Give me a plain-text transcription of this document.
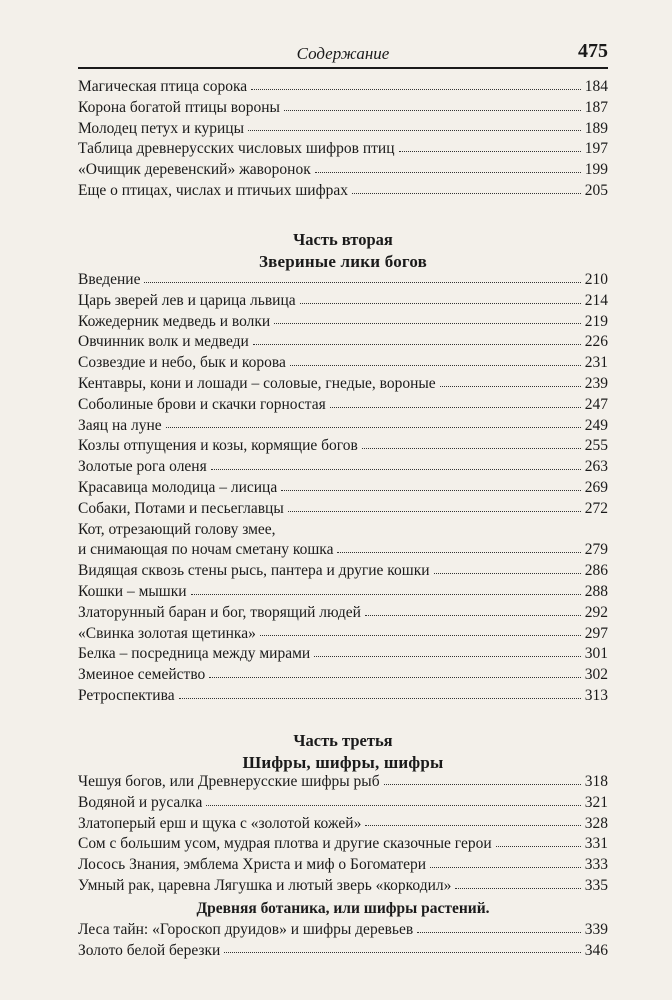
Содержание	475
Магическая птица сорока	184
Корона богатой птицы вороны	187
Молодец петух и курицы	189
Таблица древнерусских числовых шифров птиц	197
«Очищик деревенский» жаворонок	199
Еще о птицах, числах и птичьих шифрах	205
Часть вторая
Звериные лики богов
Введение	210
Царь зверей лев и царица львица	214
Кожедерник медведь и волки	219
Овчинник волк и медведи	226
Созвездие и небо, бык и корова	231
Кентавры, кони и лошади – соловые, гнедые, вороные	239
Соболиные брови и скачки горностая	247
Заяц на луне	249
Козлы отпущения и козы, кормящие богов	255
Золотые рога оленя	263
Красавица молодица – лисица	269
Собаки, Потами и песьеглавцы	272
Кот, отрезающий голову змее,
и снимающая по ночам сметану кошка	279
Видящая сквозь стены рысь, пантера и другие кошки	286
Кошки – мышки	288
Златорунный баран и бог, творящий людей	292
«Свинка золотая щетинка»	297
Белка – посредница между мирами	301
Змеиное семейство	302
Ретроспектива	313
Часть третья
Шифры, шифры, шифры
Чешуя богов, или Древнерусские шифры рыб	318
Водяной и русалка	321
Златоперый ерш и щука с «золотой кожей»	328
Сом с большим усом, мудрая плотва и другие сказочные герои	331
Лосось Знания, эмблема Христа и миф о Богоматери	333
Умный рак, царевна Лягушка и лютый зверь «коркодил»	335
Древняя ботаника, или шифры растений.
Леса тайн: «Гороскоп друидов» и шифры деревьев	339
Золото белой березки	346
